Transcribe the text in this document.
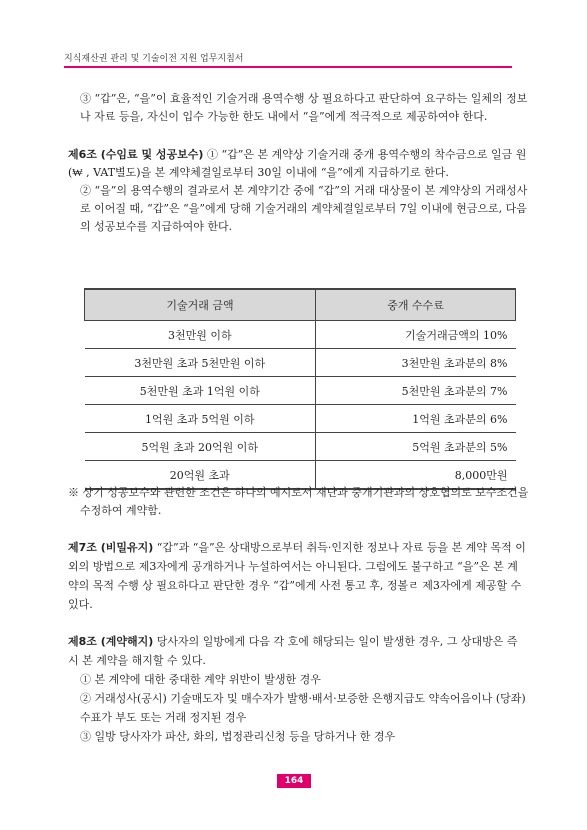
지식재산권 관리 및 기술이전 지원 업무지침서

③ “갑”은, “을”이 효율적인 기술거래 용역수행 상 필요하다고 판단하여 요구하는 일체의 정보나 자료 등을, 자신이 입수 가능한 한도 내에서 “을”에게 적극적으로 제공하여야 한다.

제6조 (수임료 및 성공보수) ① “갑”은 본 계약상 기술거래 중개 용역수행의 착수금으로 일금 원(₩ , VAT별도)을 본 계약체결일로부터 30일 이내에 “을”에게 지급하기로 한다.

② “을”의 용역수행의 결과로서 본 계약기간 중에 “갑”의 거래 대상물이 본 계약상의 거래성사로 이어질 때, “갑”은 “을”에게 당해 기술거래의 계약체결일로부터 7일 이내에 현금으로, 다음의 성공보수를 지급하여야 한다.

기술거래 금액	중개 수수료
3천만원 이하	기술거래금액의 10%
3천만원 초과 5천만원 이하	3천만원 초과분의 8%
5천만원 초과 1억원 이하	5천만원 초과분의 7%
1억원 초과 5억원 이하	1억원 초과분의 6%
5억원 초과 20억원 이하	5억원 초과분의 5%
20억원 초과	8,000만원

※ 상기 성공보수와 관련한 조건은 하나의 예시로서 재단과 중개기관과의 상호협의로 보수조건을 수정하여 계약함.

제7조 (비밀유지) “갑”과 “을”은 상대방으로부터 취득·인지한 정보나 자료 등을 본 계약 목적 이외의 방법으로 제3자에게 공개하거나 누설하여서는 아니된다. 그럼에도 불구하고 “을”은 본 계약의 목적 수행 상 필요하다고 판단한 경우 “갑”에게 사전 통고 후, 정볼ㄹ 제3자에게 제공할 수 있다.

제8조 (계약해지) 당사자의 일방에게 다음 각 호에 해당되는 일이 발생한 경우, 그 상대방은 즉시 본 계약을 해지할 수 있다.

① 본 계약에 대한 중대한 계약 위반이 발생한 경우

② 거래성사(공시) 기술매도자 및 매수자가 발행·배서·보증한 은행지급도 약속어음이나 (당좌)수표가 부도 또는 거래 정지된 경우

③ 일방 당사자가 파산, 화의, 법정관리신청 등을 당하거나 한 경우

164
